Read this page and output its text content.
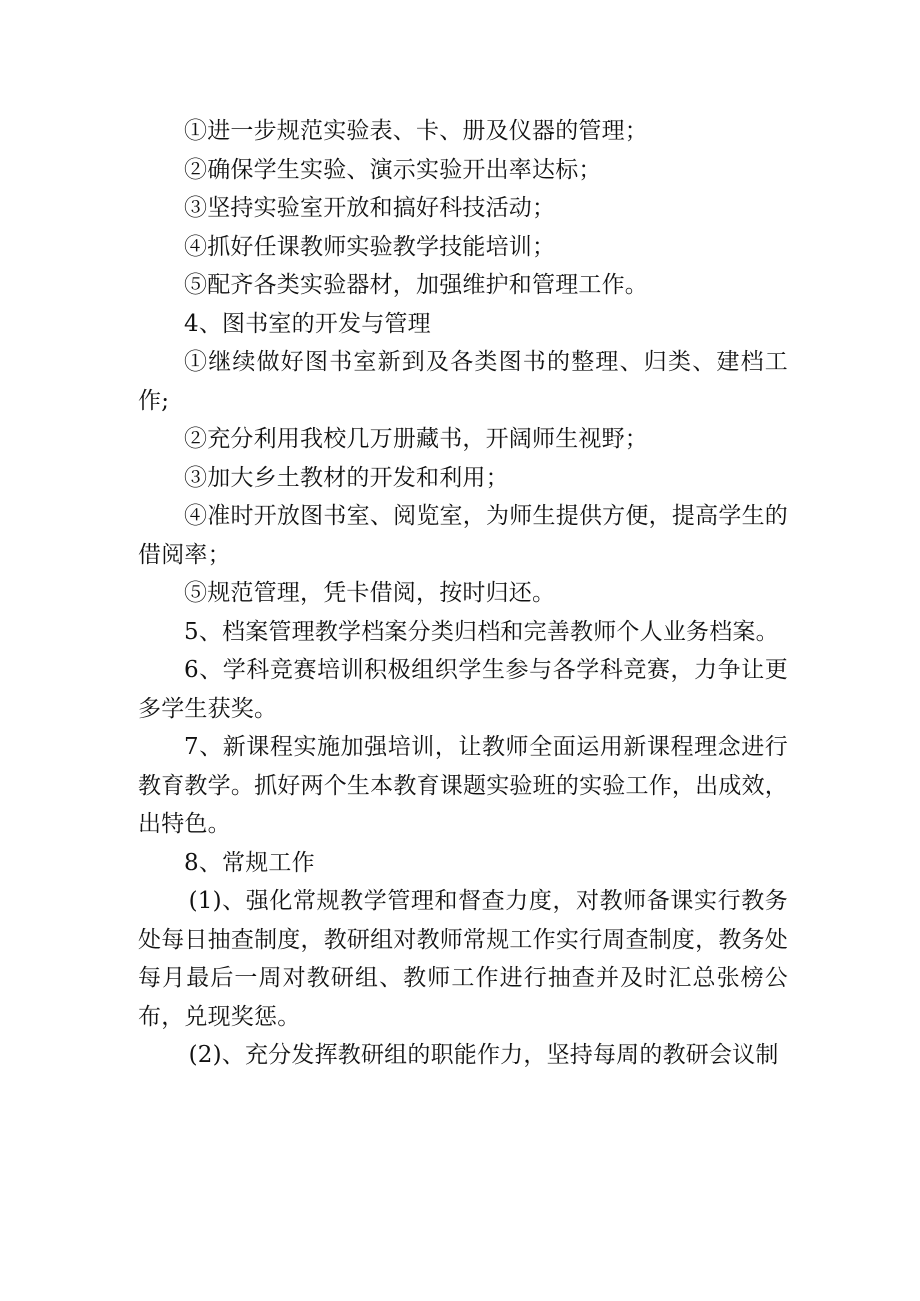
①进一步规范实验表、卡、册及仪器的管理；

②确保学生实验、演示实验开出率达标；

③坚持实验室开放和搞好科技活动；

④抓好任课教师实验教学技能培训；

⑤配齐各类实验器材，加强维护和管理工作。

4、图书室的开发与管理

①继续做好图书室新到及各类图书的整理、归类、建档工作;

②充分利用我校几万册藏书，开阔师生视野；

③加大乡土教材的开发和利用；

④准时开放图书室、阅览室，为师生提供方便，提高学生的借阅率；

⑤规范管理，凭卡借阅，按时归还。

5、档案管理教学档案分类归档和完善教师个人业务档案。

6、学科竞赛培训积极组织学生参与各学科竞赛，力争让更多学生获奖。

7、新课程实施加强培训，让教师全面运用新课程理念进行教育教学。抓好两个生本教育课题实验班的实验工作，出成效，出特色。

8、常规工作

(1)、强化常规教学管理和督查力度，对教师备课实行教务处每日抽查制度，教研组对教师常规工作实行周查制度，教务处每月最后一周对教研组、教师工作进行抽查并及时汇总张榜公布，兑现奖惩。

(2)、充分发挥教研组的职能作力，坚持每周的教研会议制
